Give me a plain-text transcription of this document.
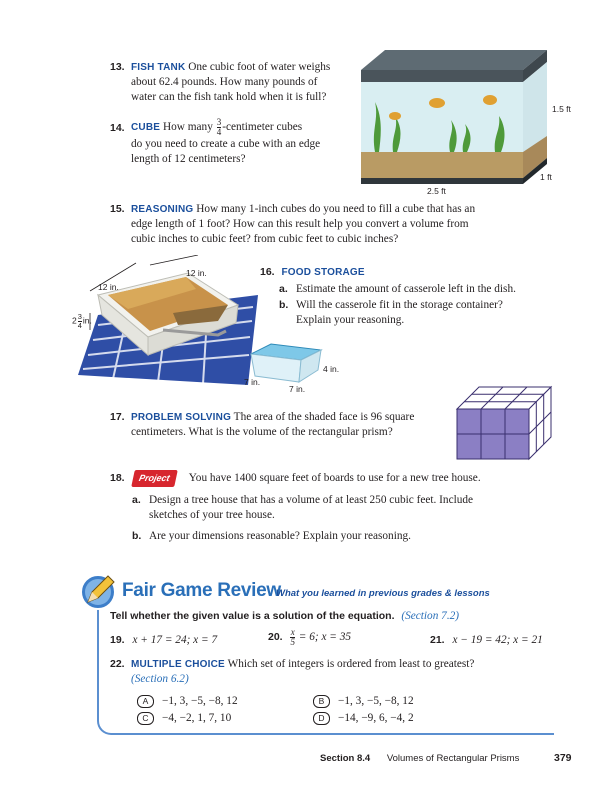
13. FISH TANK One cubic foot of water weighs
about 62.4 pounds. How many pounds of
water can the fish tank hold when it is full?
1.5 ft
2.5 ft
1 ft
14. CUBE How many $\frac{3}{4}$ -centimeter cubes
do you need to create a cube with an edge
length of 12 centimeters?
15. REASONING How many 1-inch cubes do you need to fill a cube that has an
edge length of 1 foot? How can this result help you convert a volume from
cubic inches to cubic feet? from cubic feet to cubic inches?
12 in.
12 in.
$2 \frac{3}{4}$ in.
4 in.
7 in.
7 in.
16. FOOD STORAGE
a. Estimate the amount of casserole left in the dish.
b. Will the casserole fit in the storage container?
Explain your reasoning.
17. PROBLEM SOLVING The area of the shaded face is 96 square
centimeters. What is the volume of the rectangular prism?
18. Project You have 1400 square feet of boards to use for a new tree house.
a. Design a tree house that has a volume of at least 250 cubic feet. Include
sketches of your tree house.
b. Are your dimensions reasonable? Explain your reasoning.
Fair Game Review
What you learned in previous grades & lessons
Tell whether the given value is a solution of the equation. (Section 7.2)
19. x + 17 = 24; x = 7	20. $\frac{x}{5} = 6$; x = 35	21. x − 19 = 42; x = 21
22. MULTIPLE CHOICE Which set of integers is ordered from least to greatest?
(Section 6.2)
A −1, 3, −5, −8, 12	B −1, 3, −5, −8, 12
C −4, −2, 1, 7, 10	D −14, −9, 6, −4, 2
Section 8.4 Volumes of Rectangular Prisms	379
